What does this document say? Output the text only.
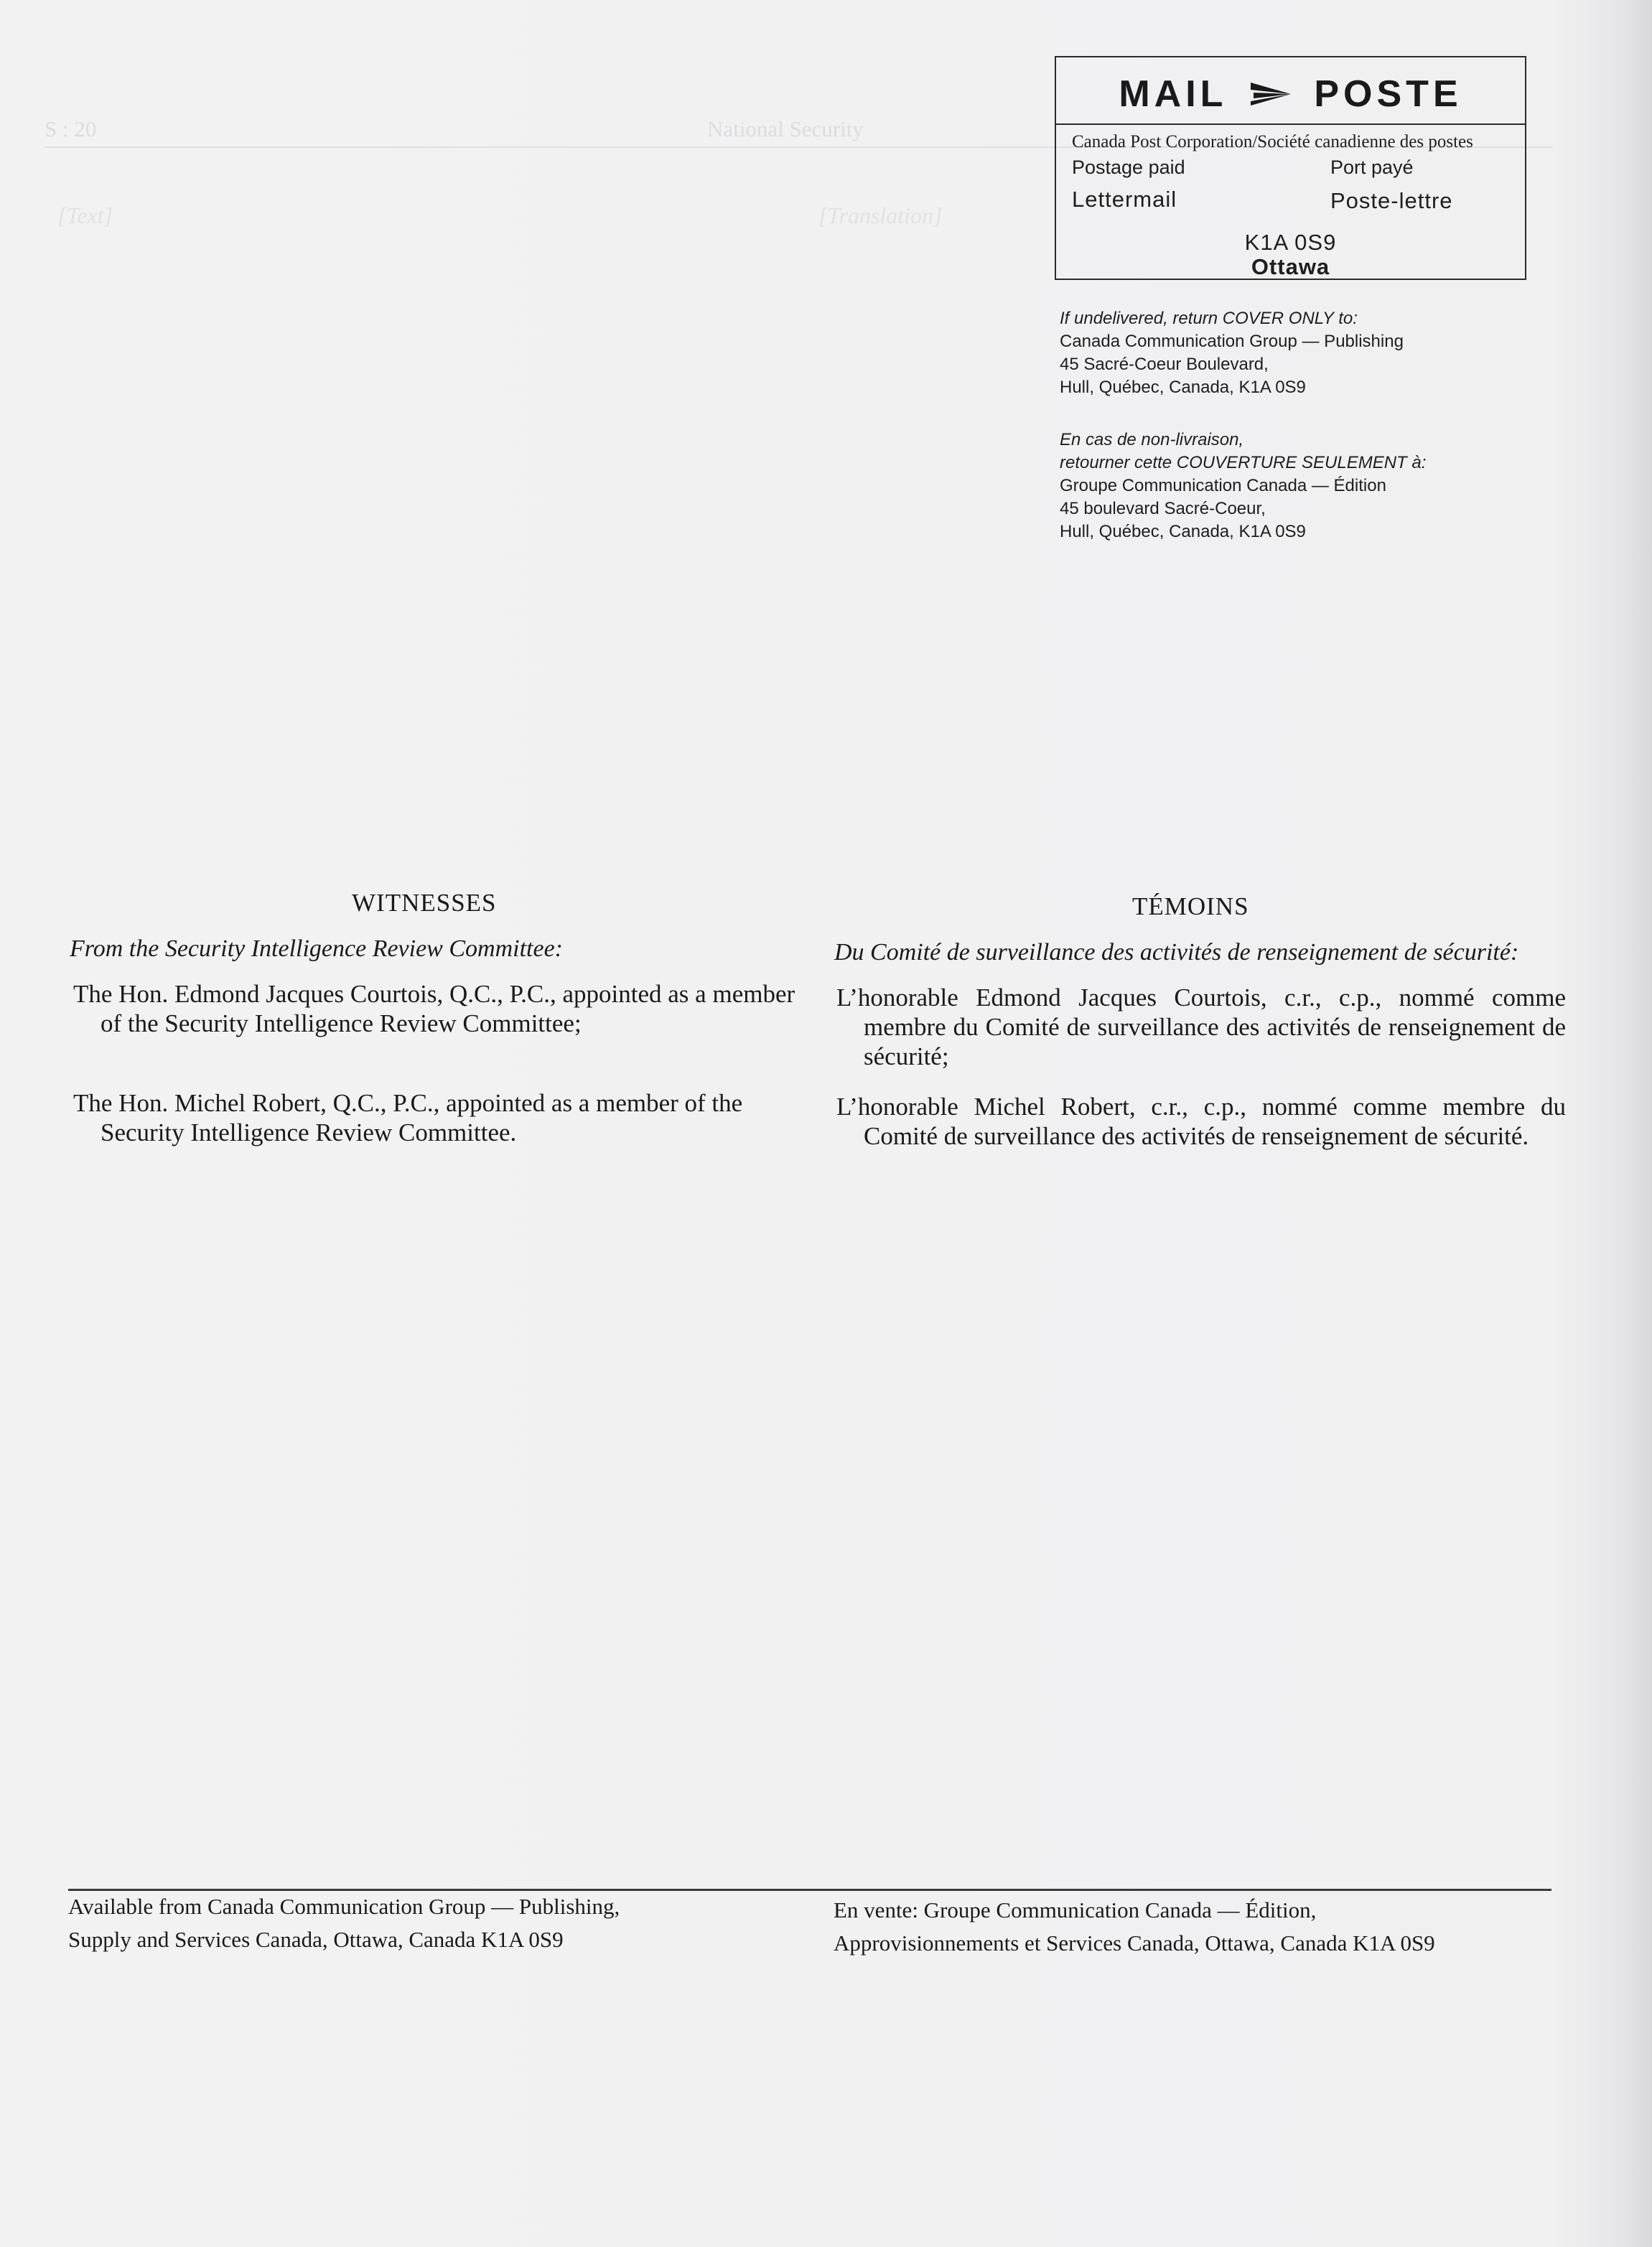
S : 20	National Security
[Text]	[Translation]
MAIL POSTE
Canada Post Corporation/Société canadienne des postes
Postage paid	Port payé
Lettermail	Poste-lettre
K1A 0S9
Ottawa
If undelivered, return COVER ONLY to:
Canada Communication Group — Publishing
45 Sacré-Coeur Boulevard,
Hull, Québec, Canada, K1A 0S9
En cas de non-livraison,
retourner cette COUVERTURE SEULEMENT à:
Groupe Communication Canada — Édition
45 boulevard Sacré-Coeur,
Hull, Québec, Canada, K1A 0S9
WITNESSES
From the Security Intelligence Review Committee:
The Hon. Edmond Jacques Courtois, Q.C., P.C., appointed as a member of the Security Intelligence Review Committee;
The Hon. Michel Robert, Q.C., P.C., appointed as a member of the Security Intelligence Review Committee.
TÉMOINS
Du Comité de surveillance des activités de renseignement de sécurité:
L’honorable Edmond Jacques Courtois, c.r., c.p., nommé comme membre du Comité de surveillance des activités de renseignement de sécurité;
L’honorable Michel Robert, c.r., c.p., nommé comme membre du Comité de surveillance des activités de renseignement de sécurité.
Available from Canada Communication Group — Publishing,
Supply and Services Canada, Ottawa, Canada K1A 0S9
En vente: Groupe Communication Canada — Édition,
Approvisionnements et Services Canada, Ottawa, Canada K1A 0S9
